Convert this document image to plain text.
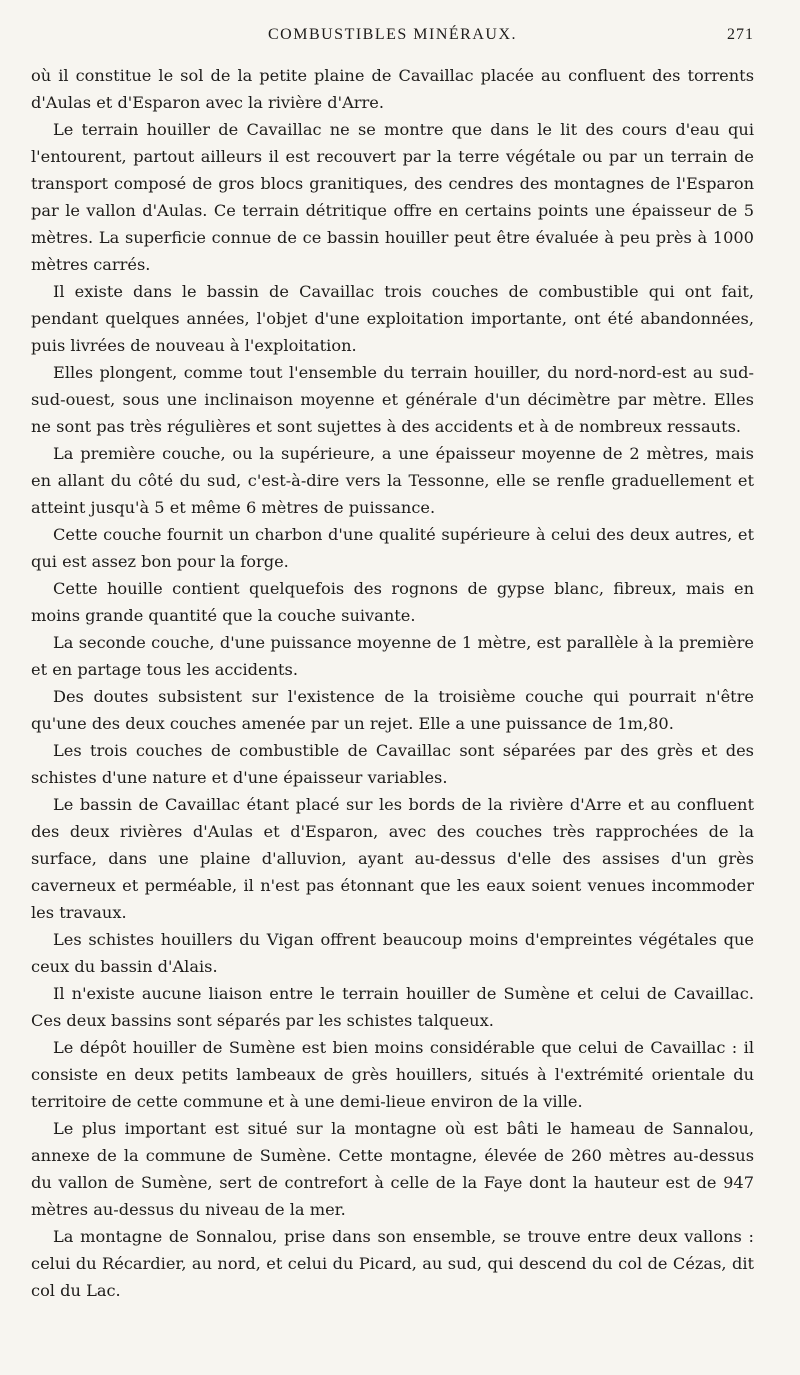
COMBUSTIBLES MINÉRAUX.	271

où il constitue le sol de la petite plaine de Cavaillac placée au confluent des torrents d'Aulas et d'Esparon avec la rivière d'Arre.

Le terrain houiller de Cavaillac ne se montre que dans le lit des cours d'eau qui l'entourent, partout ailleurs il est recouvert par la terre végétale ou par un terrain de transport composé de gros blocs granitiques, des cendres des montagnes de l'Esparon par le vallon d'Aulas. Ce terrain détritique offre en certains points une épaisseur de 5 mètres. La superficie connue de ce bassin houiller peut être évaluée à peu près à 1000 mètres carrés.

Il existe dans le bassin de Cavaillac trois couches de combustible qui ont fait, pendant quelques années, l'objet d'une exploitation importante, ont été abandonnées, puis livrées de nouveau à l'exploitation.

Elles plongent, comme tout l'ensemble du terrain houiller, du nord-nord-est au sud-sud-ouest, sous une inclinaison moyenne et générale d'un décimètre par mètre. Elles ne sont pas très régulières et sont sujettes à des accidents et à de nombreux ressauts.

La première couche, ou la supérieure, a une épaisseur moyenne de 2 mètres, mais en allant du côté du sud, c'est-à-dire vers la Tessonne, elle se renfle graduellement et atteint jusqu'à 5 et même 6 mètres de puissance.

Cette couche fournit un charbon d'une qualité supérieure à celui des deux autres, et qui est assez bon pour la forge.

Cette houille contient quelquefois des rognons de gypse blanc, fibreux, mais en moins grande quantité que la couche suivante.

La seconde couche, d'une puissance moyenne de 1 mètre, est parallèle à la première et en partage tous les accidents.

Des doutes subsistent sur l'existence de la troisième couche qui pourrait n'être qu'une des deux couches amenée par un rejet. Elle a une puissance de 1m,80.

Les trois couches de combustible de Cavaillac sont séparées par des grès et des schistes d'une nature et d'une épaisseur variables.

Le bassin de Cavaillac étant placé sur les bords de la rivière d'Arre et au confluent des deux rivières d'Aulas et d'Esparon, avec des couches très rapprochées de la surface, dans une plaine d'alluvion, ayant au-dessus d'elle des assises d'un grès caverneux et perméable, il n'est pas étonnant que les eaux soient venues incommoder les travaux.

Les schistes houillers du Vigan offrent beaucoup moins d'empreintes végétales que ceux du bassin d'Alais.

Il n'existe aucune liaison entre le terrain houiller de Sumène et celui de Cavaillac. Ces deux bassins sont séparés par les schistes talqueux.

Le dépôt houiller de Sumène est bien moins considérable que celui de Cavaillac : il consiste en deux petits lambeaux de grès houillers, situés à l'extrémité orientale du territoire de cette commune et à une demi-lieue environ de la ville.

Le plus important est situé sur la montagne où est bâti le hameau de Sannalou, annexe de la commune de Sumène. Cette montagne, élevée de 260 mètres au-dessus du vallon de Sumène, sert de contrefort à celle de la Faye dont la hauteur est de 947 mètres au-dessus du niveau de la mer.

La montagne de Sonnalou, prise dans son ensemble, se trouve entre deux vallons : celui du Récardier, au nord, et celui du Picard, au sud, qui descend du col de Cézas, dit col du Lac.
